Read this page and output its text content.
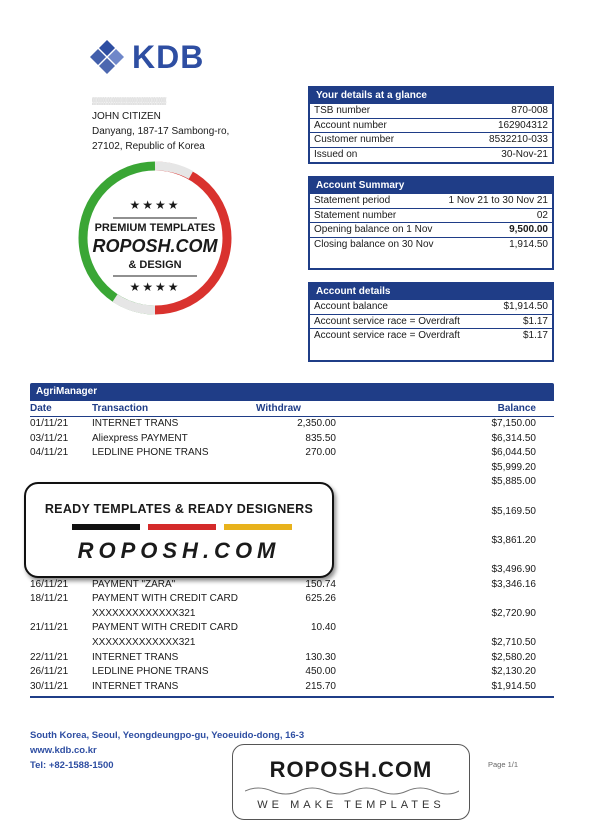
KDB
▒▒▒▒▒▒▒▒▒▒▒▒▒▒▒
JOHN CITIZEN
Danyang, 187-17 Sambong-ro,
27102, Republic of Korea
Your details at a glance
TSB number	870-008
Account number	162904312
Customer number	8532210-033
Issued on	30-Nov-21
Account Summary
Statement period	1 Nov 21 to 30 Nov 21
Statement number	02
Opening balance on 1 Nov	9,500.00
Closing balance on 30 Nov	1,914.50
Account details
Account balance	$1,914.50
Account service race = Overdraft	$1.17
Account service race = Overdraft	$1.17
★★★★
PREMIUM TEMPLATES
ROPOSH.COM
& DESIGN
★★★★
AgriManager
Date	Transaction	Withdraw	Balance
01/11/21 INTERNET TRANS	2,350.00	$7,150.00
03/11/21 Aliexpress PAYMENT	835.50	$6,314.50
04/11/21 LEDLINE PHONE TRANS	270.00	$6,044.50
$5,999.20
$5,885.00
$5,169.50
$3,861.20
$3,496.90
16/11/21 PAYMENT "ZARA"	150.74	$3,346.16
18/11/21 PAYMENT WITH CREDIT CARD	625.26
XXXXXXXXXXXXX321	$2,720.90
21/11/21 PAYMENT WITH CREDIT CARD	10.40
XXXXXXXXXXXXX321	$2,710.50
22/11/21 INTERNET TRANS	130.30	$2,580.20
26/11/21 LEDLINE PHONE TRANS	450.00	$2,130.20
30/11/21 INTERNET TRANS	215.70	$1,914.50
READY TEMPLATES & READY DESIGNERS
ROPOSH.COM
South Korea, Seoul, Yeongdeungpo-gu, Yeoeuido-dong, 16-3
www.kdb.co.kr
Tel: +82-1588-1500	Page 1/1
ROPOSH.COM
WE MAKE TEMPLATES
